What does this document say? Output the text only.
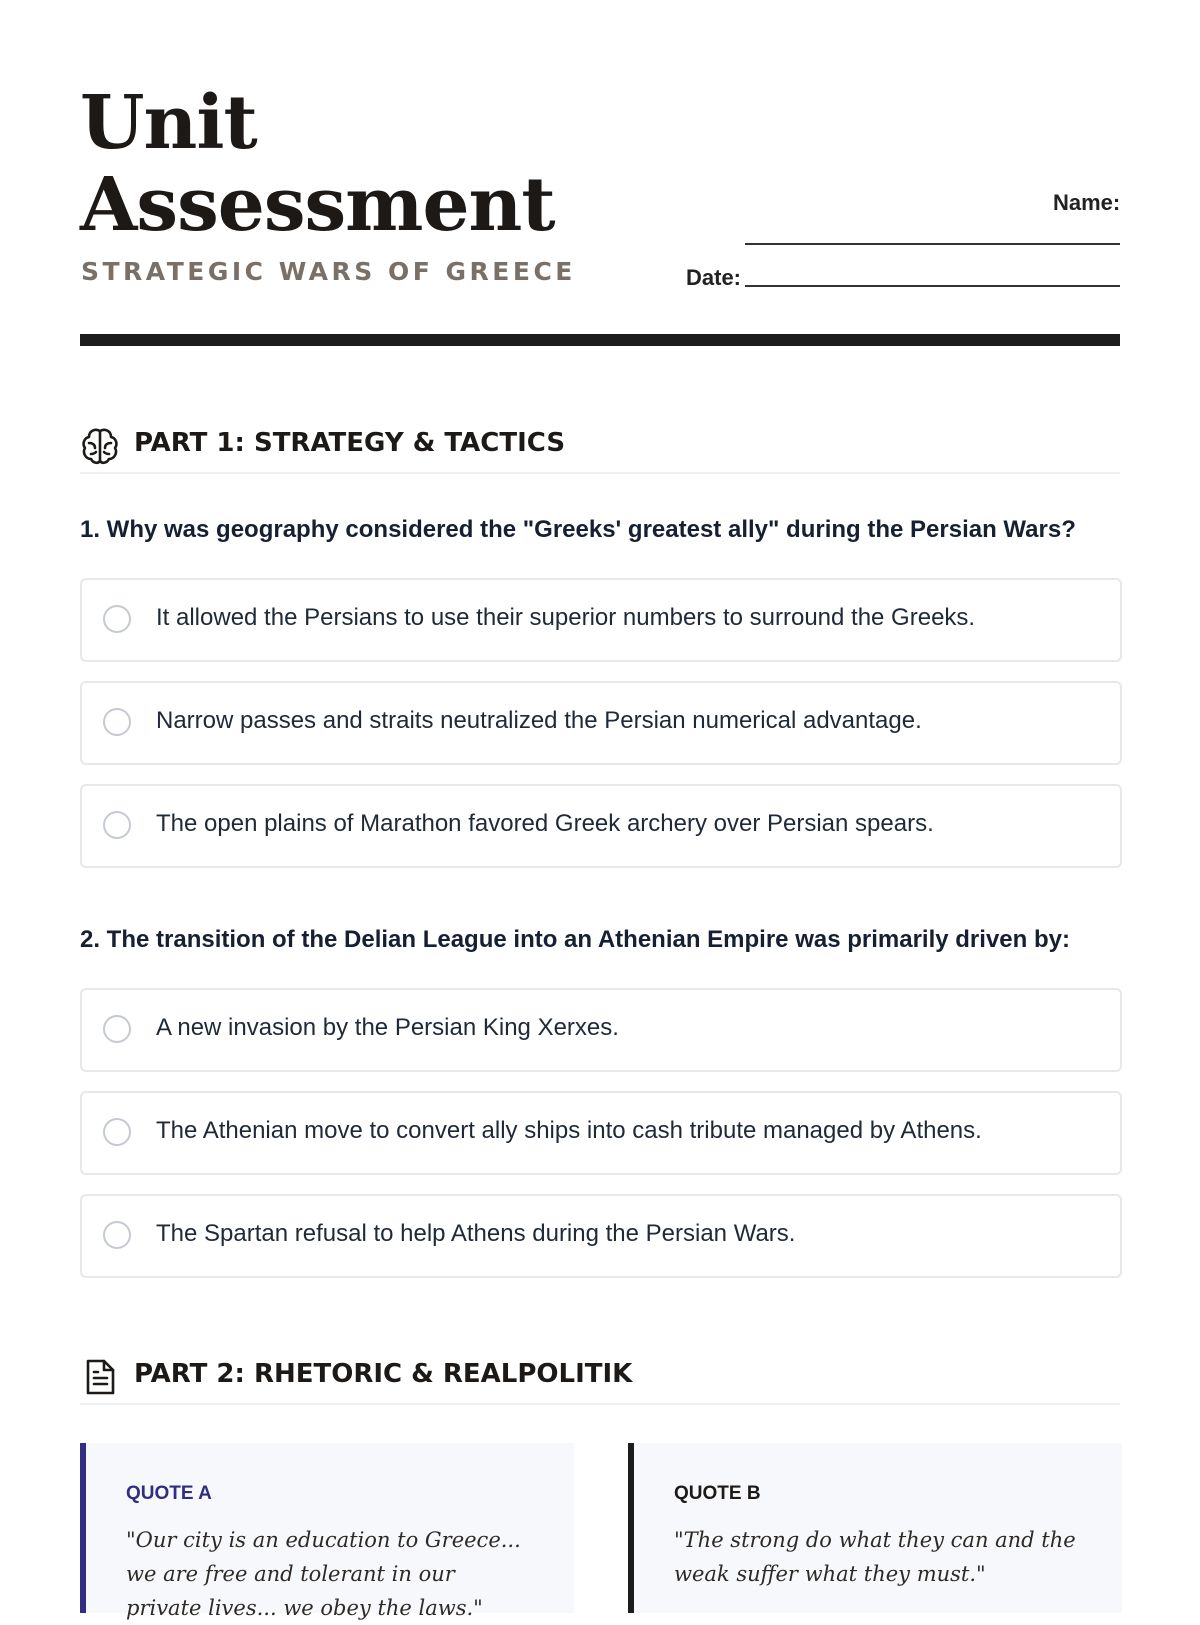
Unit
Assessment
STRATEGIC WARS OF GREECE
Name:
Date:
PART 1: STRATEGY & TACTICS
1. Why was geography considered the "Greeks' greatest ally" during the Persian Wars?
It allowed the Persians to use their superior numbers to surround the Greeks.
Narrow passes and straits neutralized the Persian numerical advantage.
The open plains of Marathon favored Greek archery over Persian spears.
2. The transition of the Delian League into an Athenian Empire was primarily driven by:
A new invasion by the Persian King Xerxes.
The Athenian move to convert ally ships into cash tribute managed by Athens.
The Spartan refusal to help Athens during the Persian Wars.
PART 2: RHETORIC & REALPOLITIK
QUOTE A
"Our city is an education to Greece... we are free and tolerant in our private lives... we obey the laws."
QUOTE B
"The strong do what they can and the weak suffer what they must."
